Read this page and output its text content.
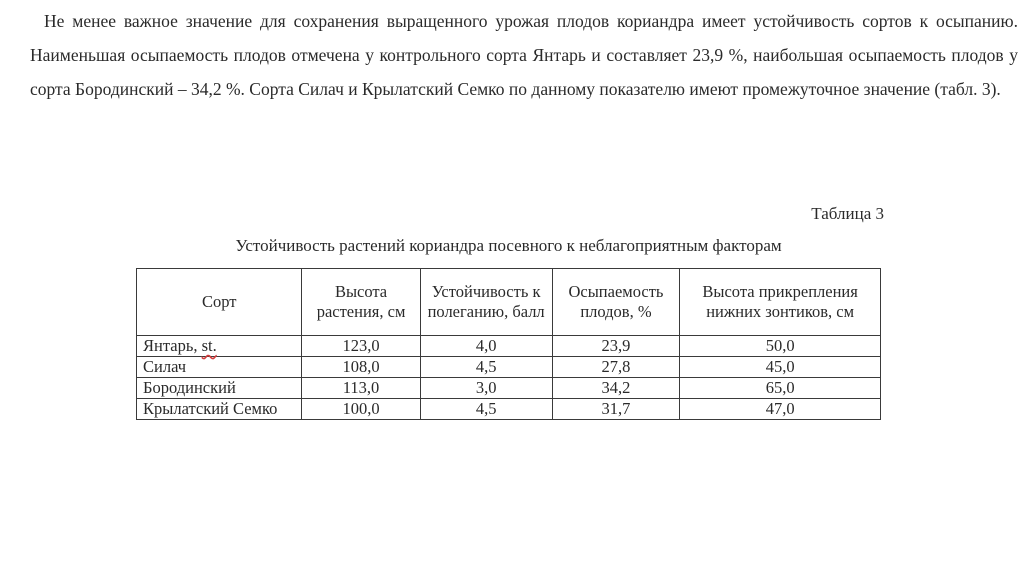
Не менее важное значение для сохранения выращенного урожая плодов кориандра имеет устойчивость сортов к осыпанию. Наименьшая осыпаемость плодов отмечена у контрольного сорта Янтарь и составляет 23,9 %, наибольшая осыпаемость плодов у сорта Бородинский – 34,2 %. Сорта Силач и Крылатский Семко по данному показателю имеют промежуточное значение (табл. 3).

Таблица 3

Устойчивость растений кориандра посевного к неблагоприятным факторам

Сорт	Высота растения, см	Устойчивость к полеганию, балл	Осыпаемость плодов, %	Высота прикрепления нижних зонтиков, см
Янтарь, st.	123,0	4,0	23,9	50,0
Силач	108,0	4,5	27,8	45,0
Бородинский	113,0	3,0	34,2	65,0
Крылатский Семко	100,0	4,5	31,7	47,0
